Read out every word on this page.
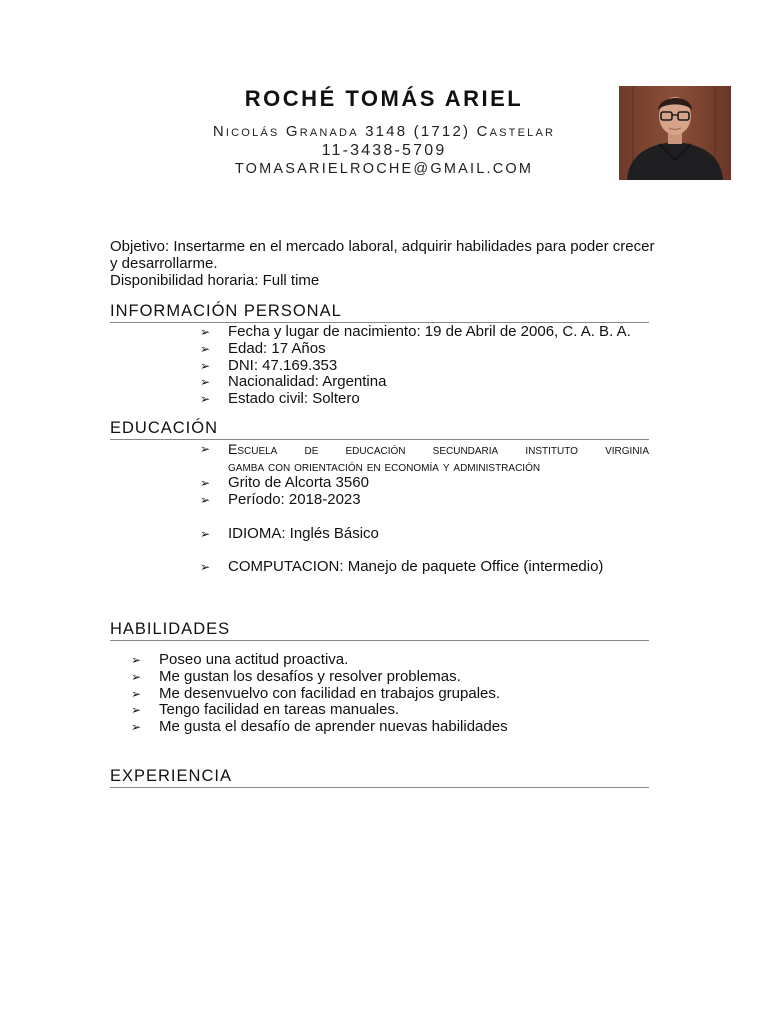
ROCHÉ TOMÁS ARIEL
Nicolás Granada 3148 (1712) Castelar
11-3438-5709
TOMASARIELROCHE@GMAIL.COM
Objetivo: Insertarme en el mercado laboral, adquirir habilidades para poder crecer y desarrollarme.
Disponibilidad horaria: Full time
INFORMACIÓN PERSONAL
➢ Fecha y lugar de nacimiento: 19 de Abril de 2006, C. A. B. A.
➢ Edad: 17 Años
➢ DNI: 47.169.353
➢ Nacionalidad: Argentina
➢ Estado civil: Soltero
EDUCACIÓN
➢ Escuela de educación secundaria instituto virginia
gamba con orientación en economía y administración
➢ Grito de Alcorta 3560
➢ Período: 2018-2023
➢ IDIOMA: Inglés Básico
➢ COMPUTACION: Manejo de paquete Office (intermedio)
HABILIDADES
➢ Poseo una actitud proactiva.
➢ Me gustan los desafíos y resolver problemas.
➢ Me desenvuelvo con facilidad en trabajos grupales.
➢ Tengo facilidad en tareas manuales.
➢ Me gusta el desafío de aprender nuevas habilidades
EXPERIENCIA
